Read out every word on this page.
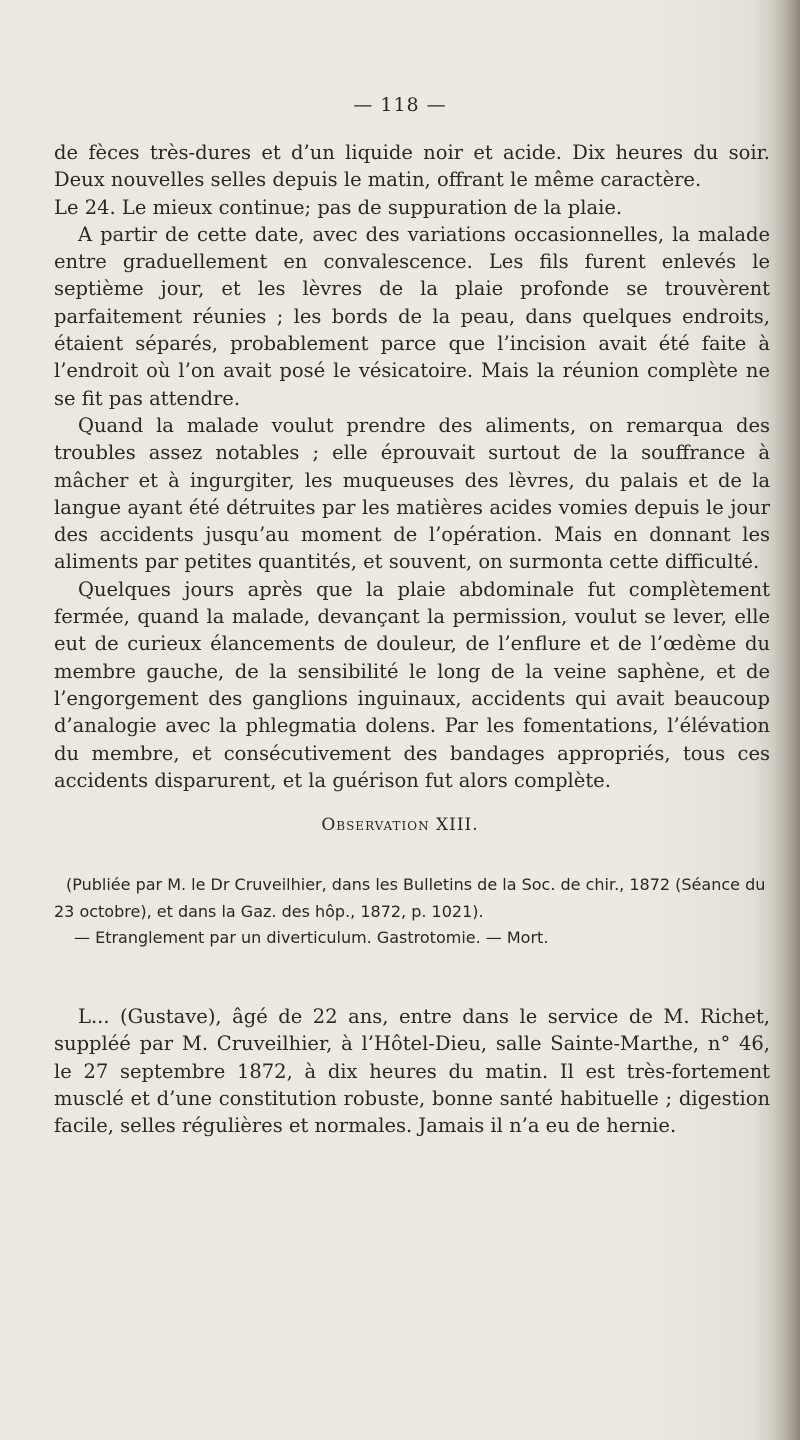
— 118 —

de fèces très-dures et d’un liquide noir et acide. Dix heures du soir. Deux nouvelles selles depuis le matin, offrant le même caractère.

Le 24. Le mieux continue; pas de suppuration de la plaie.

A partir de cette date, avec des variations occasionnelles, la malade entre graduellement en convalescence. Les fils furent enlevés le septième jour, et les lèvres de la plaie profonde se trouvèrent parfaitement réunies ; les bords de la peau, dans quelques endroits, étaient séparés, probablement parce que l’incision avait été faite à l’endroit où l’on avait posé le vésicatoire. Mais la réunion complète ne se fit pas attendre.

Quand la malade voulut prendre des aliments, on remarqua des troubles assez notables ; elle éprouvait surtout de la souffrance à mâcher et à ingurgiter, les muqueuses des lèvres, du palais et de la langue ayant été détruites par les matières acides vomies depuis le jour des accidents jusqu’au moment de l’opération. Mais en donnant les aliments par petites quantités, et souvent, on surmonta cette difficulté.

Quelques jours après que la plaie abdominale fut complètement fermée, quand la malade, devançant la permission, voulut se lever, elle eut de curieux élancements de douleur, de l’enflure et de l’œdème du membre gauche, de la sensibilité le long de la veine saphène, et de l’engorgement des ganglions inguinaux, accidents qui avait beaucoup d’analogie avec la phlegmatia dolens. Par les fomentations, l’élévation du membre, et consécutivement des bandages appropriés, tous ces accidents disparurent, et la guérison fut alors complète.

Observation XIII.

(Publiée par M. le Dr Cruveilhier, dans les Bulletins de la Soc. de chir., 1872 (Séance du 23 octobre), et dans la Gaz. des hôp., 1872, p. 1021).

— Etranglement par un diverticulum. Gastrotomie. — Mort.

L... (Gustave), âgé de 22 ans, entre dans le service de M. Richet, suppléé par M. Cruveilhier, à l’Hôtel-Dieu, salle Sainte-Marthe, n° 46, le 27 septembre 1872, à dix heures du matin. Il est très-fortement musclé et d’une constitution robuste, bonne santé habituelle ; digestion facile, selles régulières et normales. Jamais il n’a eu de hernie.
